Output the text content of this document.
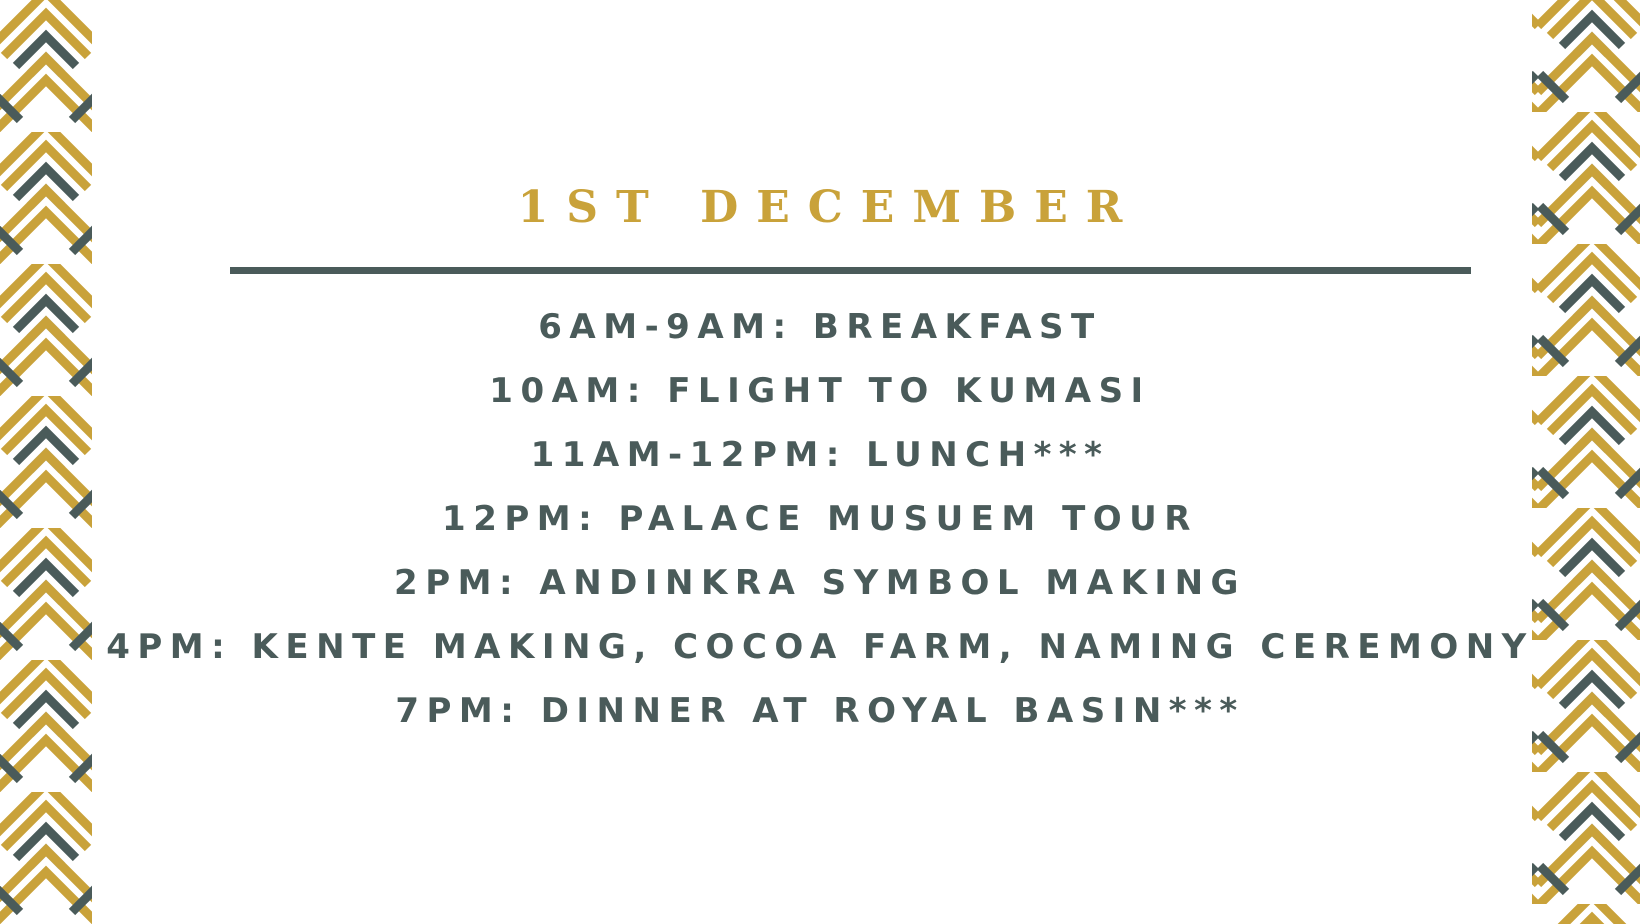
1ST DECEMBER
6AM-9AM: BREAKFAST
10AM: FLIGHT TO KUMASI
11AM-12PM: LUNCH***
12PM: PALACE MUSUEM TOUR
2PM: ANDINKRA SYMBOL MAKING
4PM: KENTE MAKING, COCOA FARM, NAMING CEREMONY
7PM: DINNER AT ROYAL BASIN***
